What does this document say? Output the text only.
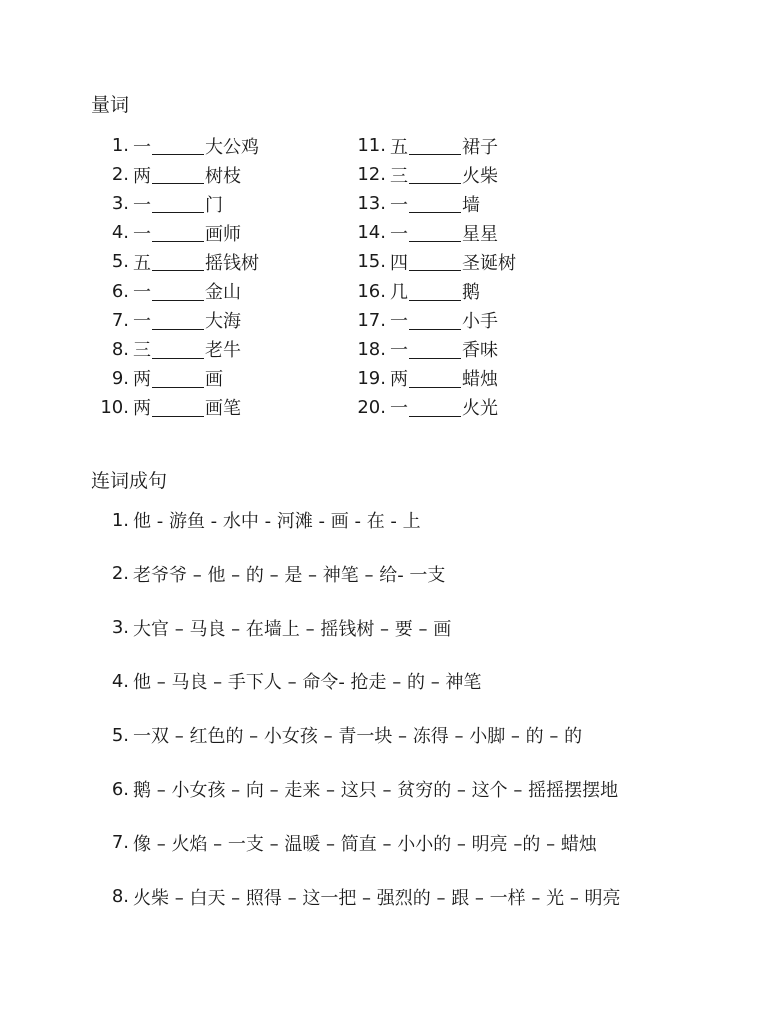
量词
1. 一	大公鸡
2. 两	树枝
3. 一	门
4. 一	画师
5. 五	摇钱树
6. 一	金山
7. 一	大海
8. 三	老牛
9. 两	画
10. 两	画笔
11. 五	裙子
12. 三	火柴
13. 一	墙
14. 一	星星
15. 四	圣诞树
16. 几	鹅
17. 一	小手
18. 一	香味
19. 两	蜡烛
20. 一	火光
连词成句
1. 他 - 游鱼 - 水中 - 河滩 - 画 - 在 - 上
2. 老爷爷 – 他 – 的 – 是 – 神笔 – 给- 一支
3. 大官 – 马良 – 在墙上 – 摇钱树 – 要 – 画
4. 他 – 马良 – 手下人 – 命令- 抢走 – 的 – 神笔
5. 一双 – 红色的 – 小女孩 – 青一块 – 冻得 – 小脚 – 的 – 的
6. 鹅 – 小女孩 – 向 – 走来 – 这只 – 贫穷的 – 这个 – 摇摇摆摆地
7. 像 – 火焰 – 一支 – 温暖 – 简直 – 小小的 – 明亮 –的 – 蜡烛
8. 火柴 – 白天 – 照得 – 这一把 – 强烈的 – 跟 – 一样 – 光 – 明亮
